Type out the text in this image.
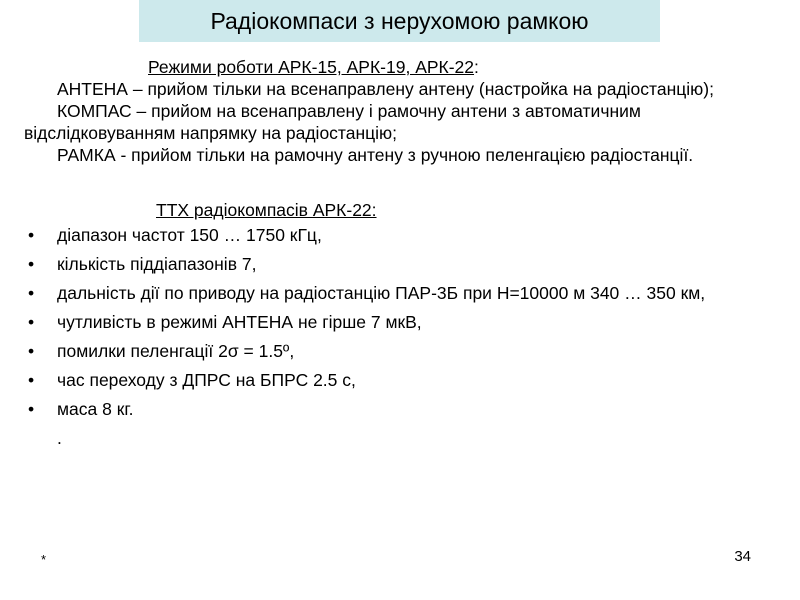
Радіокомпаси з нерухомою рамкою
Режими роботи АРК-15, АРК-19, АРК-22:

АНТЕНА – прийом тільки на всенаправлену антену (настройка на радіостанцію);

КОМПАС – прийом на всенаправлену і рамочну антени з автоматичним відслідковуванням напрямку на радіостанцію;

РАМКА - прийом тільки на рамочну антену з ручною пеленгацією радіостанції.

ТТХ радіокомпасів АРК-22:
• діапазон частот 150 … 1750 кГц,
• кількість піддіапазонів 7,
• дальність дії по приводу на радіостанцію ПАР-3Б при Н=10000 м 340 … 350 км,
• чутливість в режимі АНТЕНА не гірше 7 мкВ,
• помилки пеленгації 2σ = 1.5º,
• час переходу з ДПРС на БПРС 2.5 с,
• маса 8 кг.
.
*	34
